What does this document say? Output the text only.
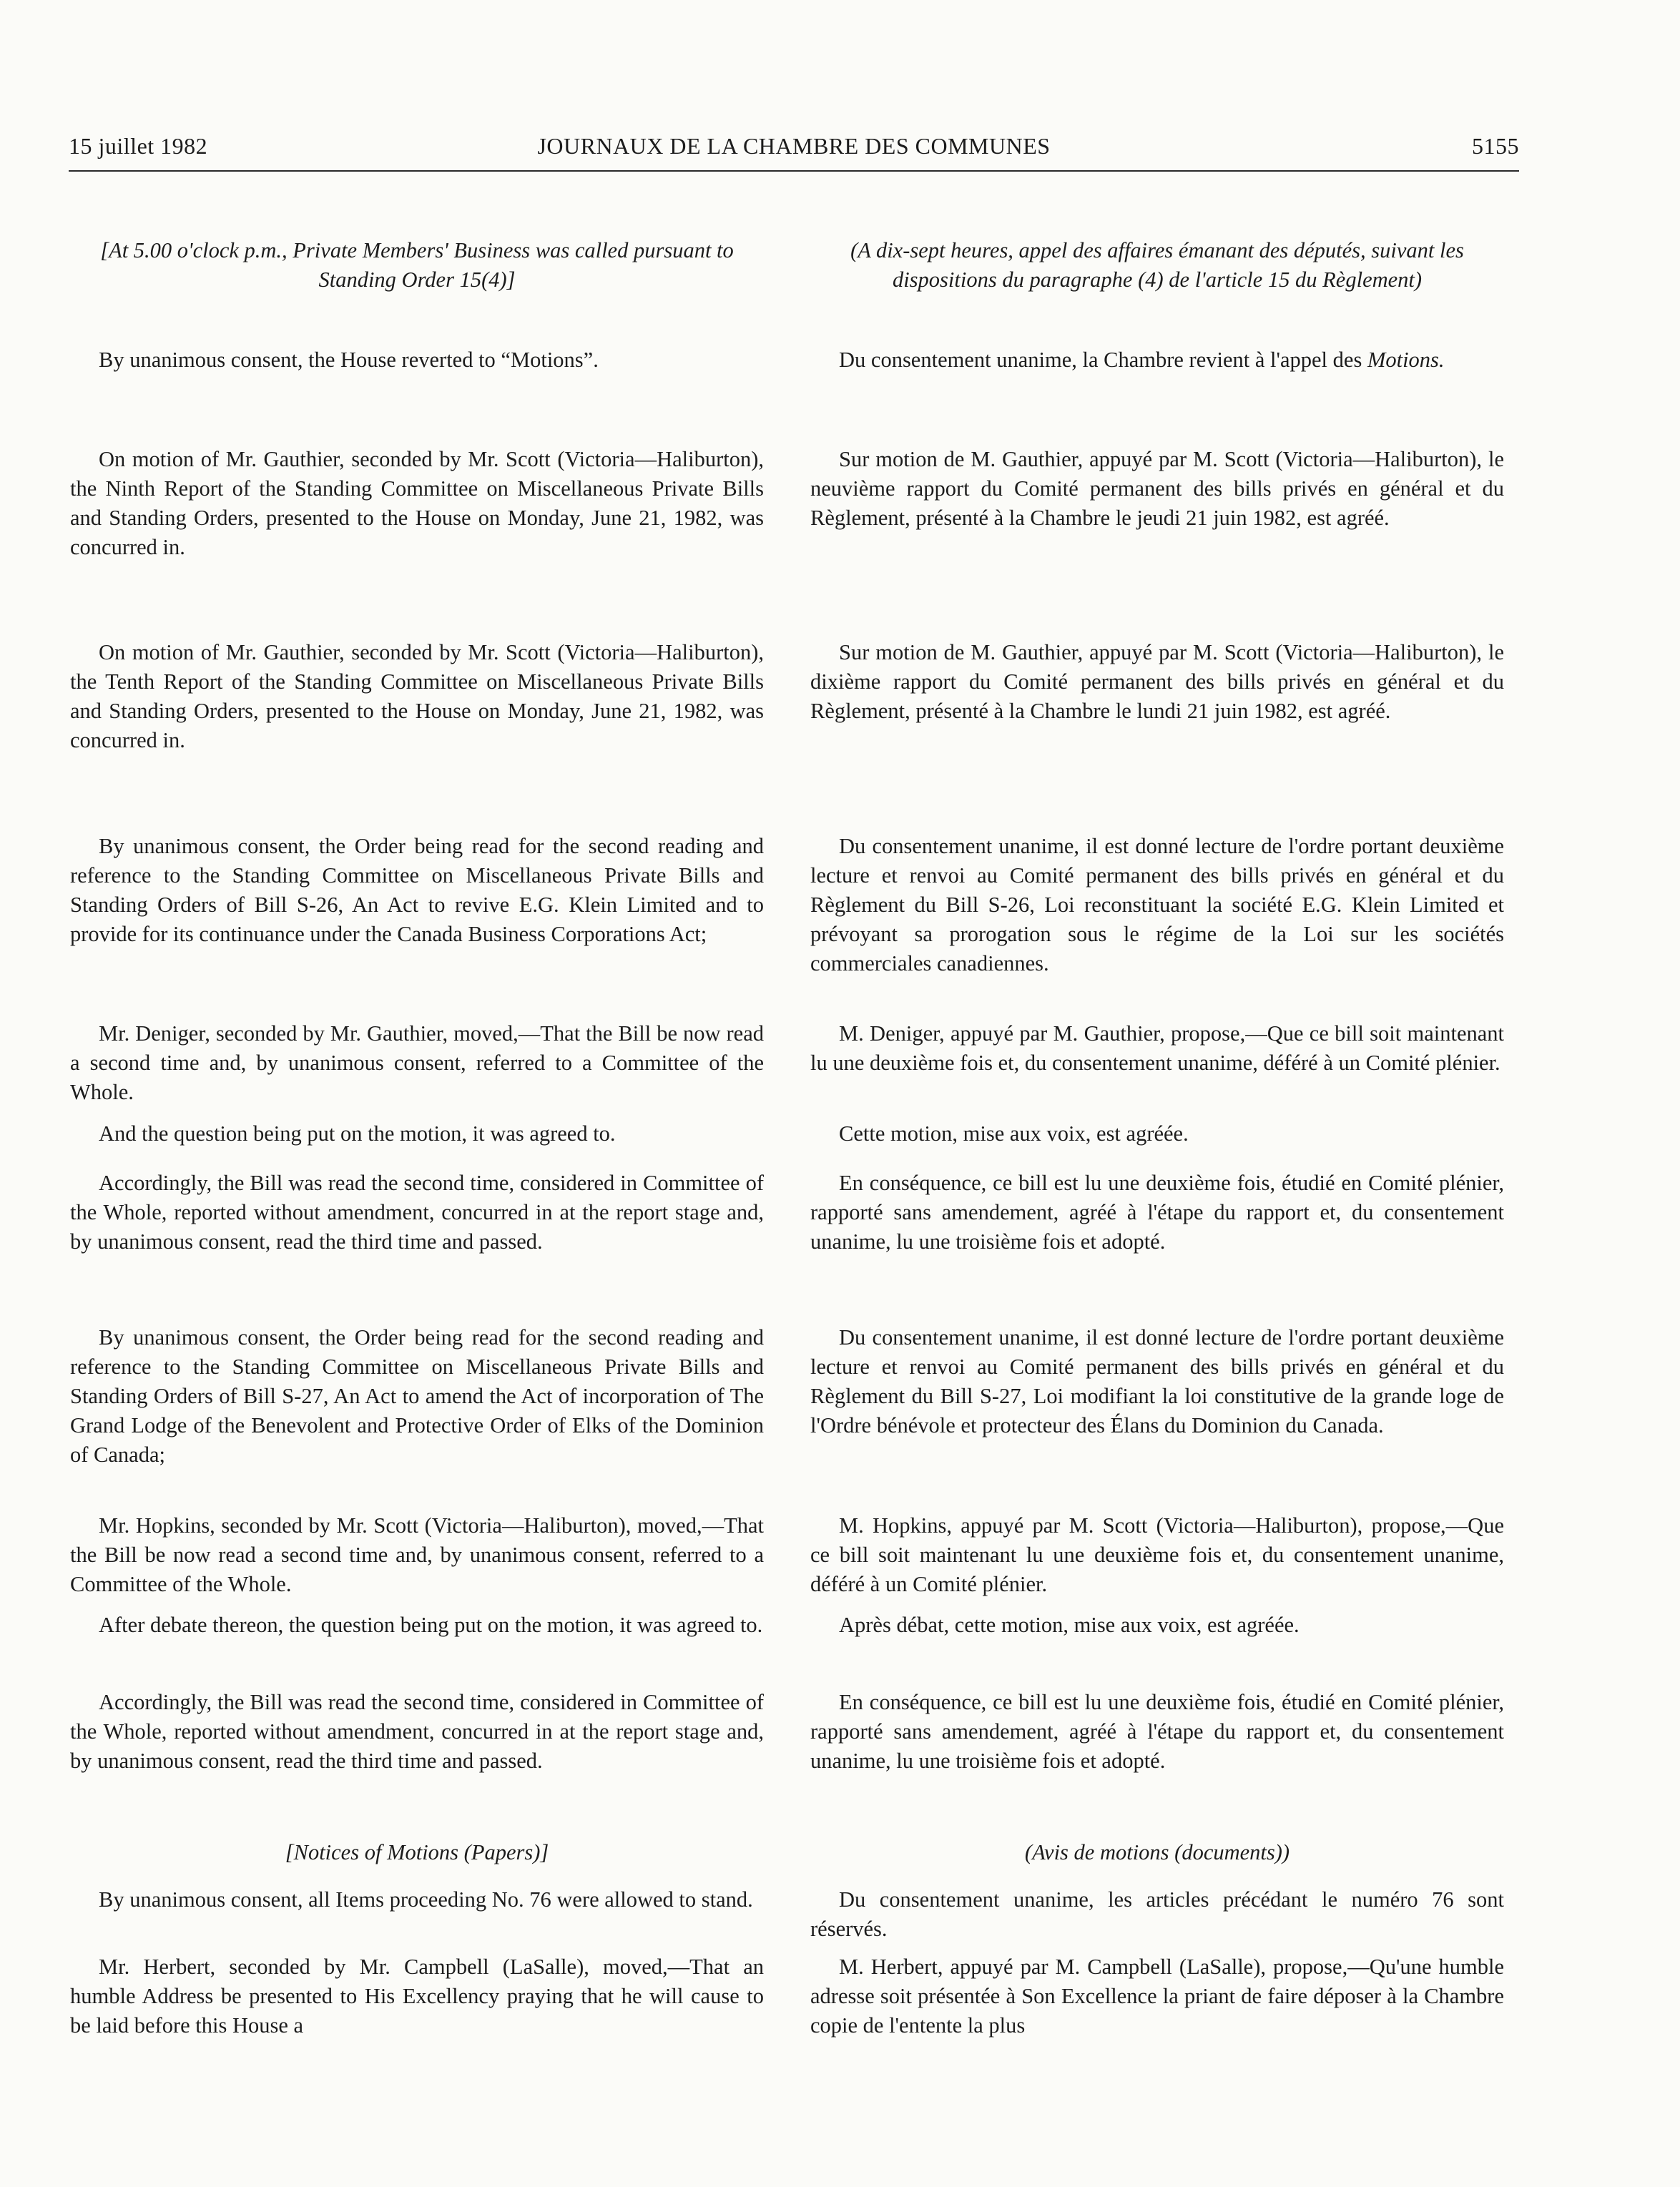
15 juillet 1982	JOURNAUX DE LA CHAMBRE DES COMMUNES	5155

[At 5.00 o'clock p.m., Private Members' Business was called pursuant to Standing Order 15(4)]

By unanimous consent, the House reverted to “Motions”.

On motion of Mr. Gauthier, seconded by Mr. Scott (Victoria—Haliburton), the Ninth Report of the Standing Committee on Miscellaneous Private Bills and Standing Orders, presented to the House on Monday, June 21, 1982, was concurred in.

On motion of Mr. Gauthier, seconded by Mr. Scott (Victoria—Haliburton), the Tenth Report of the Standing Committee on Miscellaneous Private Bills and Standing Orders, presented to the House on Monday, June 21, 1982, was concurred in.

By unanimous consent, the Order being read for the second reading and reference to the Standing Committee on Miscellaneous Private Bills and Standing Orders of Bill S-26, An Act to revive E.G. Klein Limited and to provide for its continuance under the Canada Business Corporations Act;

Mr. Deniger, seconded by Mr. Gauthier, moved,—That the Bill be now read a second time and, by unanimous consent, referred to a Committee of the Whole.

And the question being put on the motion, it was agreed to.

Accordingly, the Bill was read the second time, considered in Committee of the Whole, reported without amendment, concurred in at the report stage and, by unanimous consent, read the third time and passed.

By unanimous consent, the Order being read for the second reading and reference to the Standing Committee on Miscellaneous Private Bills and Standing Orders of Bill S-27, An Act to amend the Act of incorporation of The Grand Lodge of the Benevolent and Protective Order of Elks of the Dominion of Canada;

Mr. Hopkins, seconded by Mr. Scott (Victoria—Haliburton), moved,—That the Bill be now read a second time and, by unanimous consent, referred to a Committee of the Whole.

After debate thereon, the question being put on the motion, it was agreed to.

Accordingly, the Bill was read the second time, considered in Committee of the Whole, reported without amendment, concurred in at the report stage and, by unanimous consent, read the third time and passed.

[Notices of Motions (Papers)]

By unanimous consent, all Items proceeding No. 76 were allowed to stand.

Mr. Herbert, seconded by Mr. Campbell (LaSalle), moved,—That an humble Address be presented to His Excellency praying that he will cause to be laid before this House a

(A dix-sept heures, appel des affaires émanant des députés, suivant les dispositions du paragraphe (4) de l'article 15 du Règlement)

Du consentement unanime, la Chambre revient à l'appel des Motions.

Sur motion de M. Gauthier, appuyé par M. Scott (Victoria—Haliburton), le neuvième rapport du Comité permanent des bills privés en général et du Règlement, présenté à la Chambre le jeudi 21 juin 1982, est agréé.

Sur motion de M. Gauthier, appuyé par M. Scott (Victoria—Haliburton), le dixième rapport du Comité permanent des bills privés en général et du Règlement, présenté à la Chambre le lundi 21 juin 1982, est agréé.

Du consentement unanime, il est donné lecture de l'ordre portant deuxième lecture et renvoi au Comité permanent des bills privés en général et du Règlement du Bill S-26, Loi reconstituant la société E.G. Klein Limited et prévoyant sa prorogation sous le régime de la Loi sur les sociétés commerciales canadiennes.

M. Deniger, appuyé par M. Gauthier, propose,—Que ce bill soit maintenant lu une deuxième fois et, du consentement unanime, déféré à un Comité plénier.

Cette motion, mise aux voix, est agréée.

En conséquence, ce bill est lu une deuxième fois, étudié en Comité plénier, rapporté sans amendement, agréé à l'étape du rapport et, du consentement unanime, lu une troisième fois et adopté.

Du consentement unanime, il est donné lecture de l'ordre portant deuxième lecture et renvoi au Comité permanent des bills privés en général et du Règlement du Bill S-27, Loi modifiant la loi constitutive de la grande loge de l'Ordre bénévole et protecteur des Élans du Dominion du Canada.

M. Hopkins, appuyé par M. Scott (Victoria—Haliburton), propose,—Que ce bill soit maintenant lu une deuxième fois et, du consentement unanime, déféré à un Comité plénier.

Après débat, cette motion, mise aux voix, est agréée.

En conséquence, ce bill est lu une deuxième fois, étudié en Comité plénier, rapporté sans amendement, agréé à l'étape du rapport et, du consentement unanime, lu une troisième fois et adopté.

(Avis de motions (documents))

Du consentement unanime, les articles précédant le numéro 76 sont réservés.

M. Herbert, appuyé par M. Campbell (LaSalle), propose,—Qu'une humble adresse soit présentée à Son Excellence la priant de faire déposer à la Chambre copie de l'entente la plus
